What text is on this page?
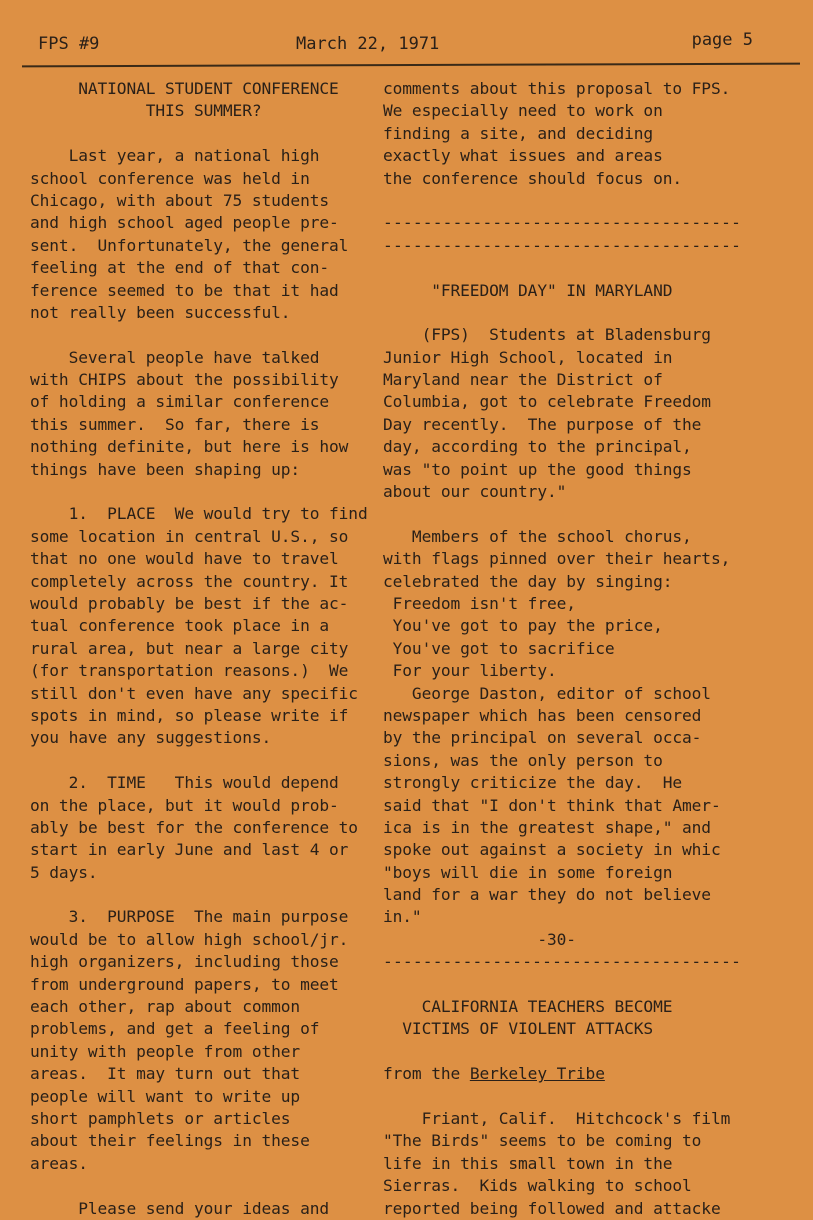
FPS #9	March 22, 1971	page 5
NATIONAL STUDENT CONFERENCE
THIS SUMMER?

Last year, a national high
school conference was held in
Chicago, with about 75 students
and high school aged people pre-
sent.  Unfortunately, the general
feeling at the end of that con-
ference seemed to be that it had
not really been successful.

Several people have talked
with CHIPS about the possibility
of holding a similar conference
this summer.  So far, there is
nothing definite, but here is how
things have been shaping up:

1.  PLACE  We would try to find
some location in central U.S., so
that no one would have to travel
completely across the country. It
would probably be best if the ac-
tual conference took place in a
rural area, but near a large city
(for transportation reasons.)  We
still don't even have any specific
spots in mind, so please write if
you have any suggestions.

2.  TIME   This would depend
on the place, but it would prob-
ably be best for the conference to
start in early June and last 4 or
5 days.

3.  PURPOSE  The main purpose
would be to allow high school/jr.
high organizers, including those
from underground papers, to meet
each other, rap about common
problems, and get a feeling of
unity with people from other
areas.  It may turn out that
people will want to write up
short pamphlets or articles
about their feelings in these
areas.

Please send your ideas and
comments about this proposal to FPS.
We especially need to work on
finding a site, and deciding
exactly what issues and areas
the conference should focus on.

------------------------------------
------------------------------------

"FREEDOM DAY" IN MARYLAND

(FPS)  Students at Bladensburg
Junior High School, located in
Maryland near the District of
Columbia, got to celebrate Freedom
Day recently.  The purpose of the
day, according to the principal,
was "to point up the good things
about our country."

Members of the school chorus,
with flags pinned over their hearts,
celebrated the day by singing:
Freedom isn't free,
You've got to pay the price,
You've got to sacrifice
For your liberty.
George Daston, editor of school
newspaper which has been censored
by the principal on several occa-
sions, was the only person to
strongly criticize the day.  He
said that "I don't think that Amer-
ica is in the greatest shape," and
spoke out against a society in whic
"boys will die in some foreign
land for a war they do not believe
in."
-30-
------------------------------------

CALIFORNIA TEACHERS BECOME
VICTIMS OF VIOLENT ATTACKS

from the Berkeley Tribe

Friant, Calif.  Hitchcock's film
"The Birds" seems to be coming to
life in this small town in the
Sierras.  Kids walking to school
reported being followed and attacke
